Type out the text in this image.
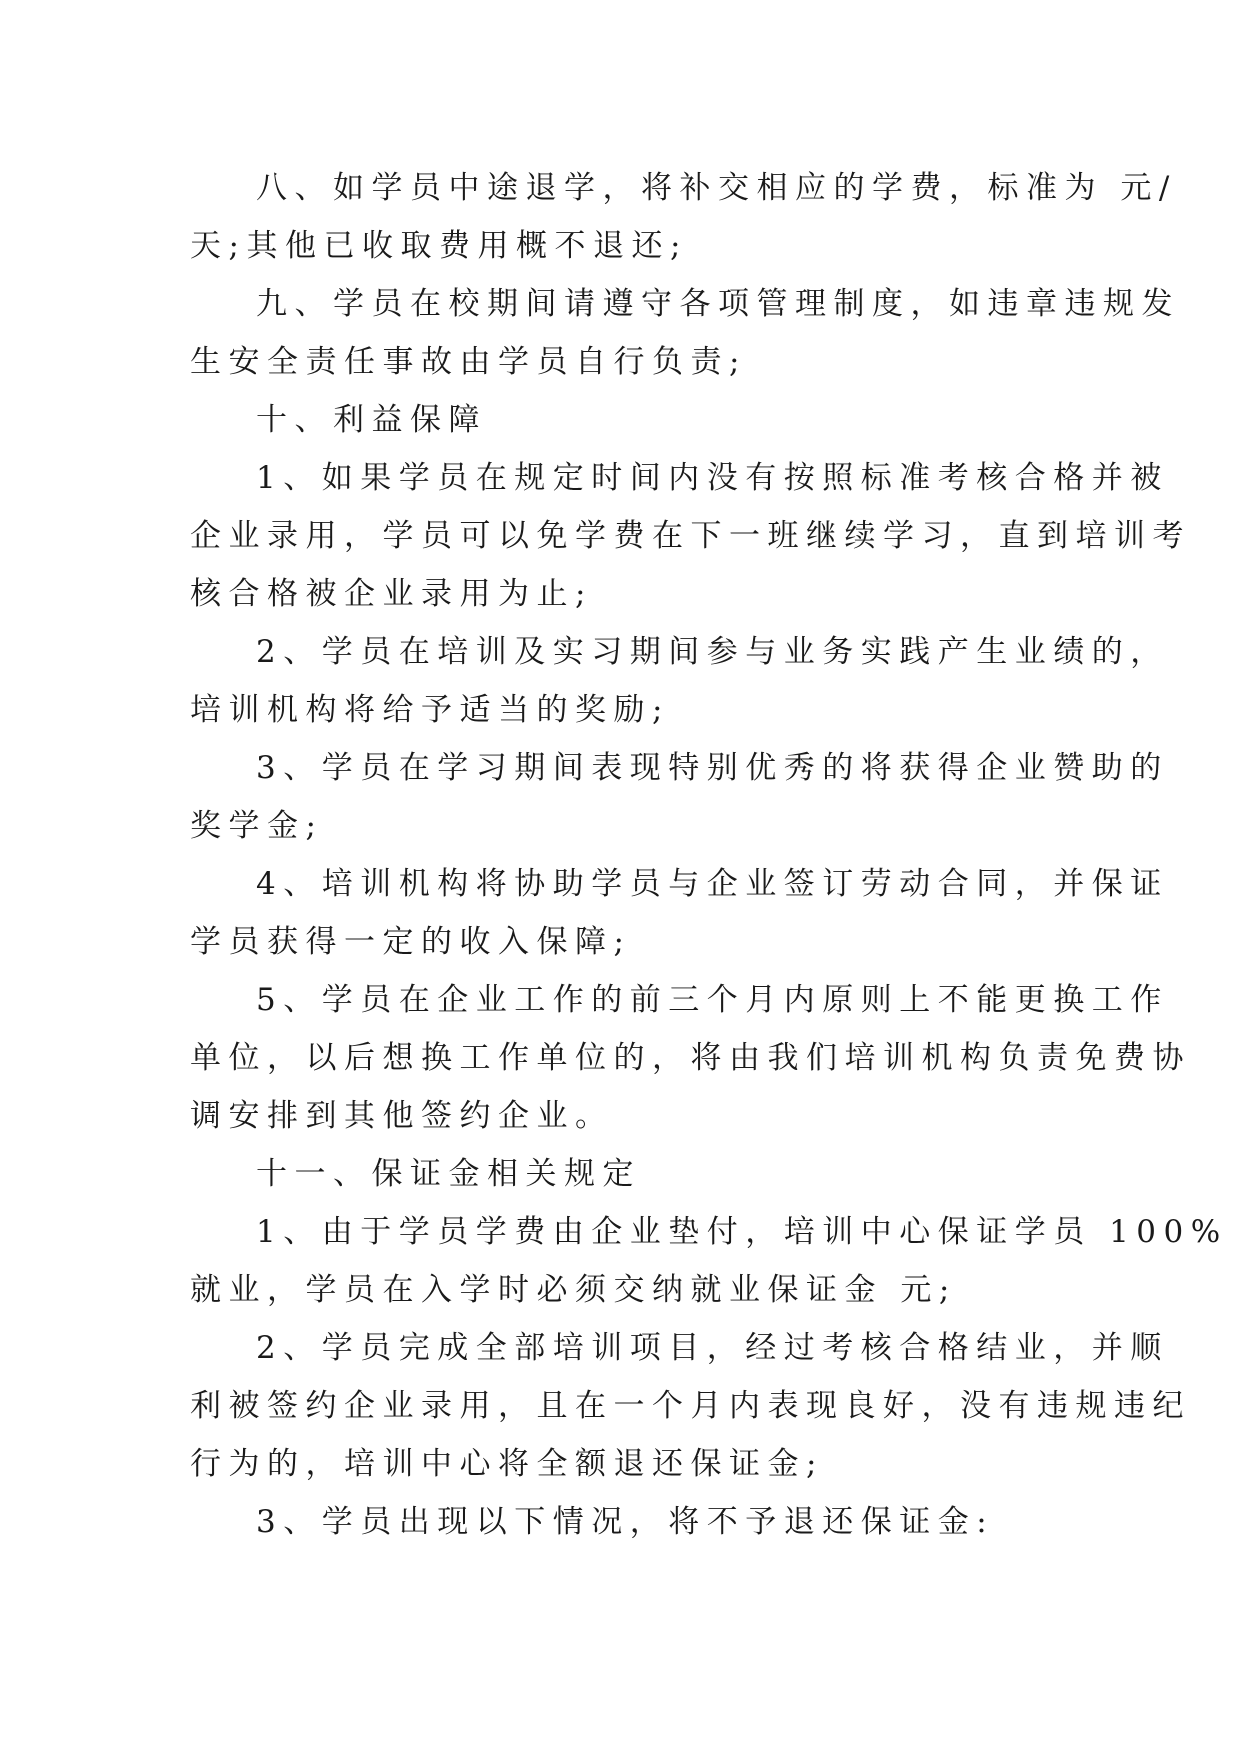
八、如学员中途退学，将补交相应的学费，标准为 元/
天;其他已收取费用概不退还;
九、学员在校期间请遵守各项管理制度，如违章违规发
生安全责任事故由学员自行负责;
十、利益保障
1、如果学员在规定时间内没有按照标准考核合格并被
企业录用，学员可以免学费在下一班继续学习，直到培训考
核合格被企业录用为止;
2、学员在培训及实习期间参与业务实践产生业绩的，
培训机构将给予适当的奖励;
3、学员在学习期间表现特别优秀的将获得企业赞助的
奖学金;
4、培训机构将协助学员与企业签订劳动合同，并保证
学员获得一定的收入保障;
5、学员在企业工作的前三个月内原则上不能更换工作
单位，以后想换工作单位的，将由我们培训机构负责免费协
调安排到其他签约企业。
十一、保证金相关规定
1、由于学员学费由企业垫付，培训中心保证学员 100%
就业，学员在入学时必须交纳就业保证金 元;
2、学员完成全部培训项目，经过考核合格结业，并顺
利被签约企业录用，且在一个月内表现良好，没有违规违纪
行为的，培训中心将全额退还保证金;
3、学员出现以下情况，将不予退还保证金:
